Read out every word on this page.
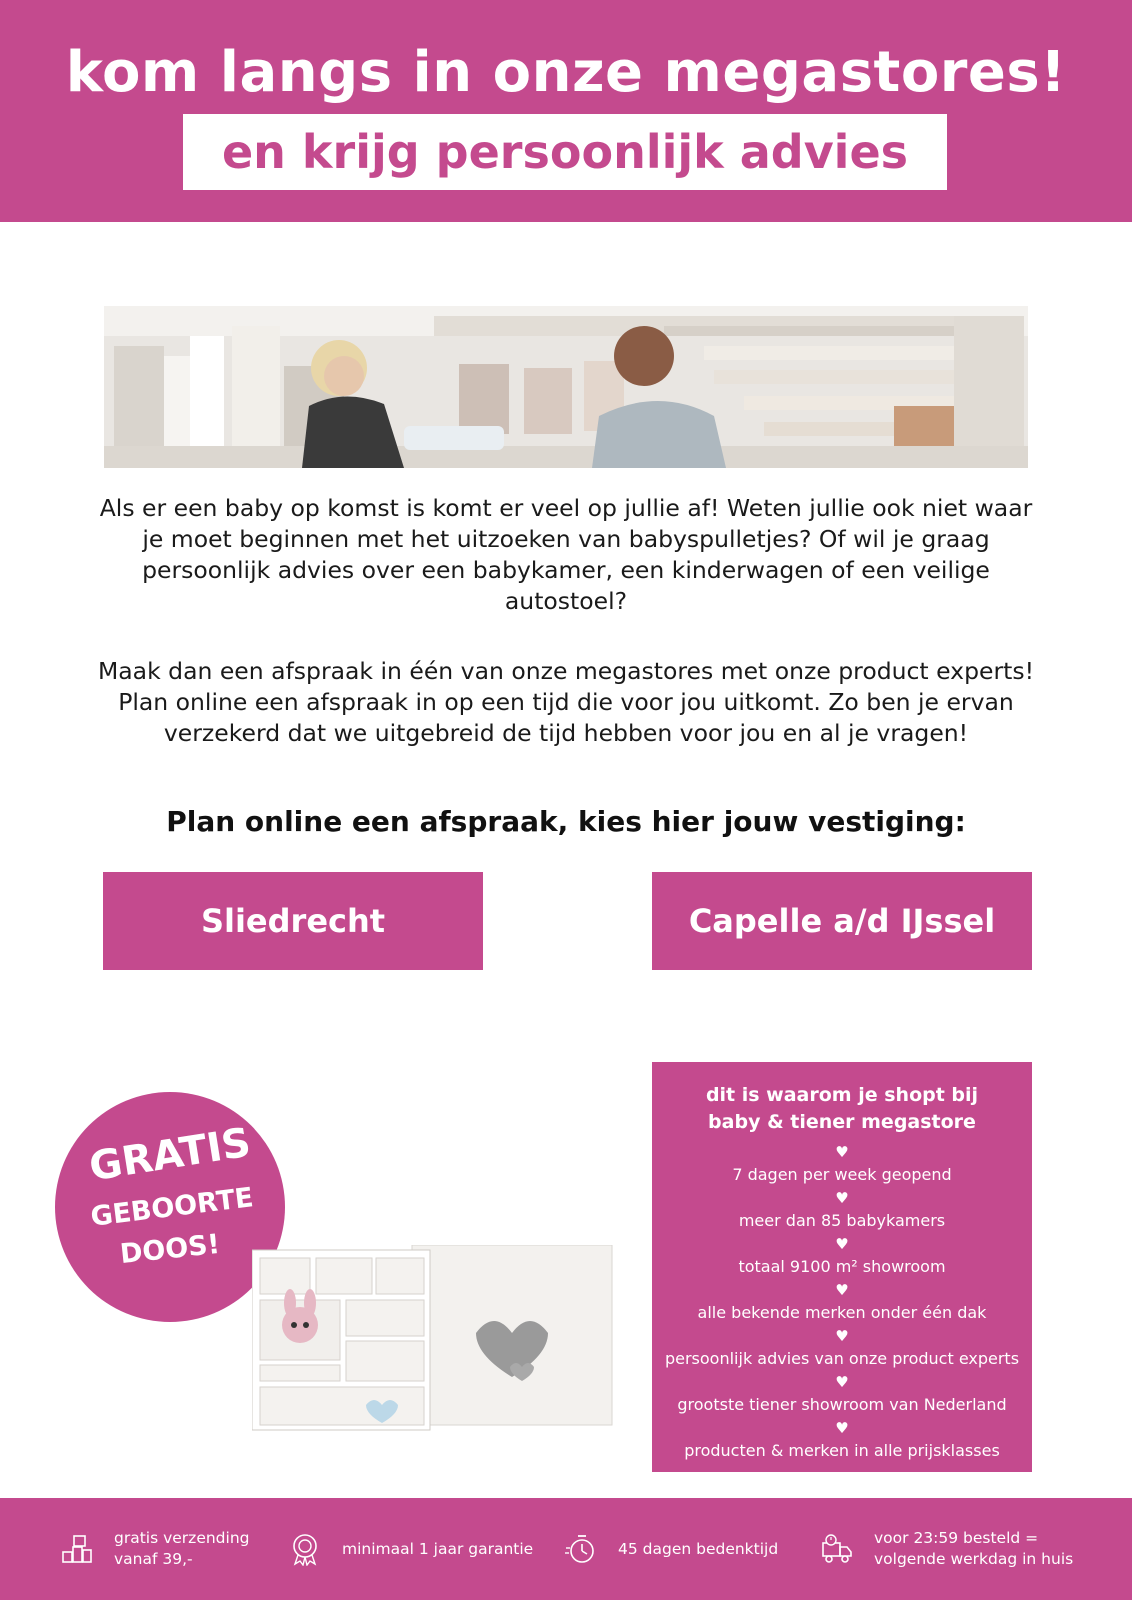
kom langs in onze megastores!
en krijg persoonlijk advies

Als er een baby op komst is komt er veel op jullie af! Weten jullie ook niet waar je moet beginnen met het uitzoeken van babyspulletjes? Of wil je graag persoonlijk advies over een babykamer, een kinderwagen of een veilige autostoel?

Maak dan een afspraak in één van onze megastores met onze product experts! Plan online een afspraak in op een tijd die voor jou uitkomt. Zo ben je ervan verzekerd dat we uitgebreid de tijd hebben voor jou en al je vragen!

Plan online een afspraak, kies hier jouw vestiging:
Sliedrecht	Capelle a/d IJssel
GRATIS
GEBOORTE
DOOS!
dit is waarom je shopt bij
baby & tiener megastore
♥
7 dagen per week geopend
♥
meer dan 85 babykamers
♥
totaal 9100 m² showroom
♥
alle bekende merken onder één dak
♥
persoonlijk advies van onze product experts
♥
grootste tiener showroom van Nederland
♥
producten & merken in alle prijsklasses
gratis verzending
vanaf 39,-
minimaal 1 jaar garantie	45 dagen bedenktijd
voor 23:59 besteld =
volgende werkdag in huis
